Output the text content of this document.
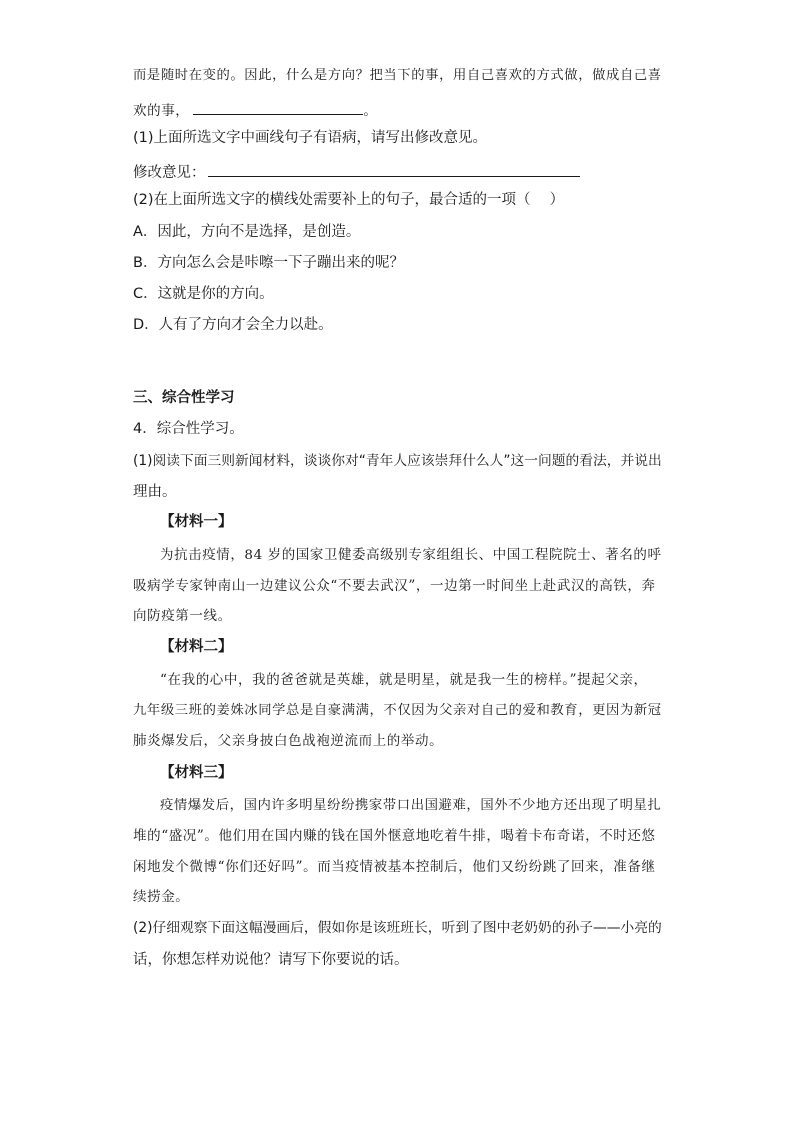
而是随时在变的。因此，什么是方向？把当下的事，用自己喜欢的方式做，做成自己喜
欢的事，	。
(1)上面所选文字中画线句子有语病，请写出修改意见。
修改意见：
(2)在上面所选文字的横线处需要补上的句子，最合适的一项（　 ）
A．因此，方向不是选择，是创造。
B．方向怎么会是咔嚓一下子蹦出来的呢？
C．这就是你的方向。
D．人有了方向才会全力以赴。
三、综合性学习
4．综合性学习。
(1)阅读下面三则新闻材料，谈谈你对“青年人应该崇拜什么人”这一问题的看法，并说出
理由。
【材料一】
为抗击疫情，84 岁的国家卫健委高级别专家组组长、中国工程院院士、著名的呼
吸病学专家钟南山一边建议公众“不要去武汉”，一边第一时间坐上赴武汉的高铁，奔
向防疫第一线。
【材料二】
“在我的心中，我的爸爸就是英雄，就是明星，就是我一生的榜样。”提起父亲，
九年级三班的姜姝冰同学总是自豪满满，不仅因为父亲对自己的爱和教育，更因为新冠
肺炎爆发后，父亲身披白色战袍逆流而上的举动。
【材料三】
疫情爆发后，国内许多明星纷纷携家带口出国避难，国外不少地方还出现了明星扎
堆的“盛况”。他们用在国内赚的钱在国外惬意地吃着牛排，喝着卡布奇诺，不时还悠
闲地发个微博“你们还好吗”。而当疫情被基本控制后，他们又纷纷跳了回来，准备继
续捞金。
(2)仔细观察下面这幅漫画后，假如你是该班班长，听到了图中老奶奶的孙子——小亮的
话，你想怎样劝说他？请写下你要说的话。
